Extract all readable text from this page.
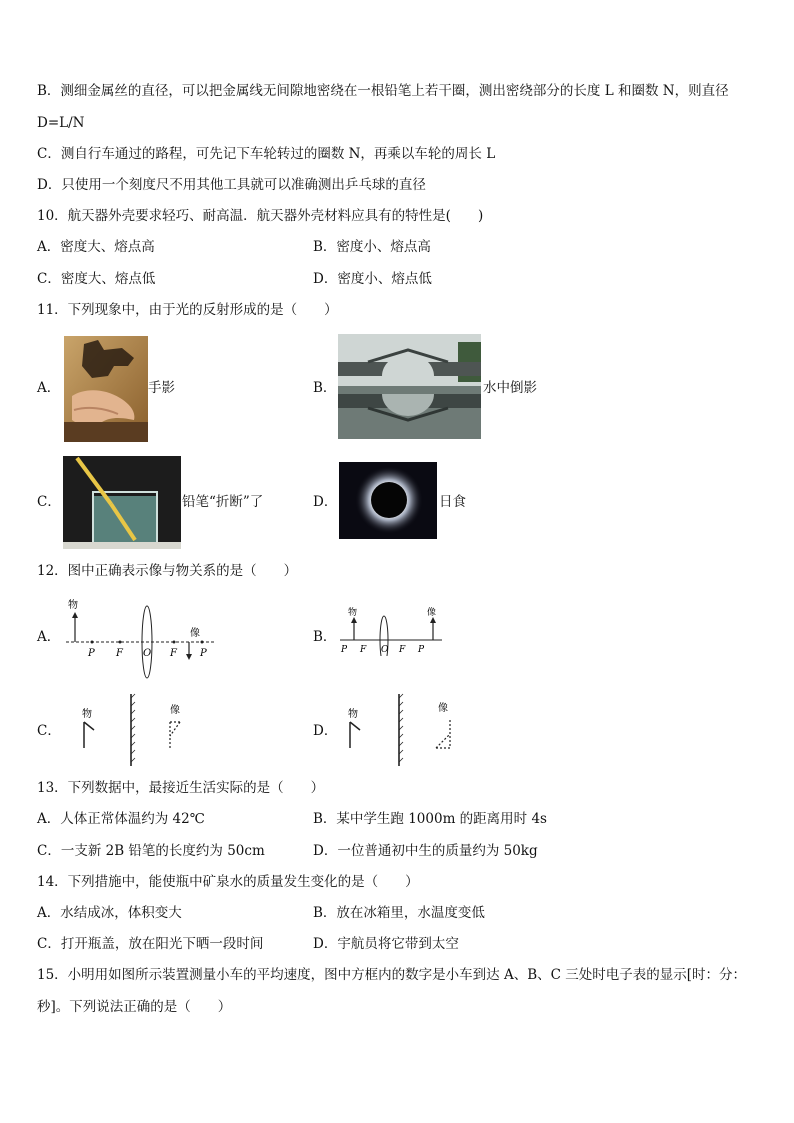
B．测细金属丝的直径，可以把金属线无间隙地密绕在一根铅笔上若干圈，测出密绕部分的长度 L 和圈数 N，则直径
D=L/N
C．测自行车通过的路程，可先记下车轮转过的圈数 N，再乘以车轮的周长 L
D．只使用一个刻度尺不用其他工具就可以准确测出乒乓球的直径
10．航天器外壳要求轻巧、耐高温．航天器外壳材料应具有的特性是(　　)
A．密度大、熔点高	B．密度小、熔点高
C．密度大、熔点低	D．密度小、熔点低
11．下列现象中，由于光的反射形成的是（　　）
A．	手影	B．	水中倒影
C．	铅笔“折断”了	D．	日食
12．图中正确表示像与物关系的是（　　）
A．
物
P F O F P
像	B．
物	像
P F O F P
C．
物	像
D．
物
像
13．下列数据中，最接近生活实际的是（　　）
A．人体正常体温约为 42℃	B．某中学生跑 1000m 的距离用时 4s
C．一支新 2B 铅笔的长度约为 50cm	D．一位普通初中生的质量约为 50kg
14．下列措施中，能使瓶中矿泉水的质量发生变化的是（　　）
A．水结成冰，体积变大	B．放在冰箱里，水温度变低
C．打开瓶盖，放在阳光下晒一段时间	D．宇航员将它带到太空
15．小明用如图所示装置测量小车的平均速度，图中方框内的数字是小车到达 A、B、C 三处时电子表的显示[时：分：
秒]。下列说法正确的是（　　）
